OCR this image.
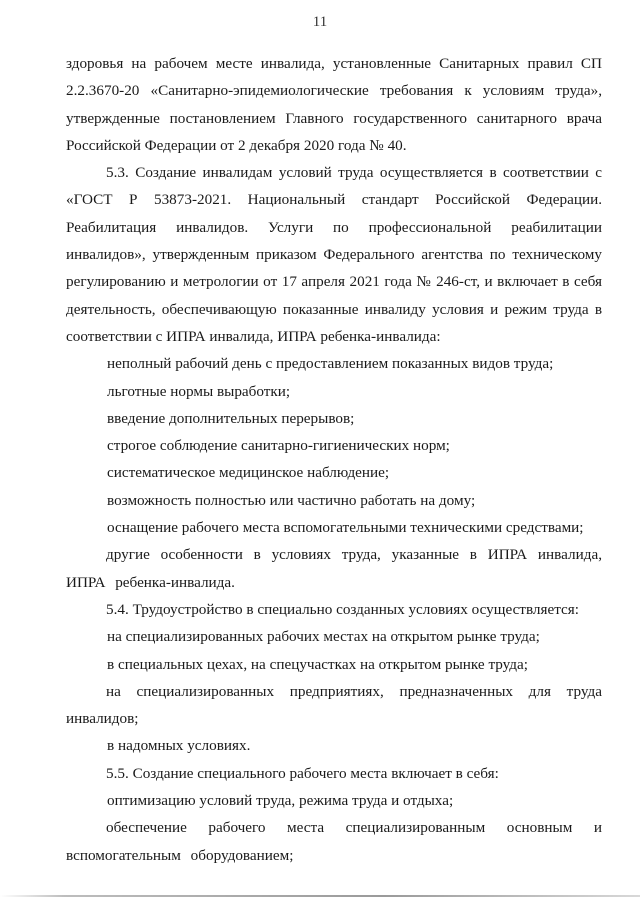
11

здоровья на рабочем месте инвалида, установленные Санитарных правил СП 2.2.3670-20 «Санитарно-эпидемиологические требования к условиям труда», утвержденные постановлением Главного государственного санитарного врача Российской Федерации от 2 декабря 2020 года № 40.

5.3. Создание инвалидам условий труда осуществляется в соответствии с «ГОСТ Р 53873-2021. Национальный стандарт Российской Федерации. Реабилитация инвалидов. Услуги по профессиональной реабилитации инвалидов», утвержденным приказом Федерального агентства по техническому регулированию и метрологии от 17 апреля 2021 года № 246-ст, и включает в себя деятельность, обеспечивающую показанные инвалиду условия и режим труда в соответствии с ИПРА инвалида, ИПРА ребенка-инвалида:

неполный рабочий день с предоставлением показанных видов труда;

льготные нормы выработки;

введение дополнительных перерывов;

строгое соблюдение санитарно-гигиенических норм;

систематическое медицинское наблюдение;

возможность полностью или частично работать на дому;

оснащение рабочего места вспомогательными техническими средствами;

другие особенности в условиях труда, указанные в ИПРА инвалида, ИПРА ребенка-инвалида.

5.4. Трудоустройство в специально созданных условиях осуществляется:

на специализированных рабочих местах на открытом рынке труда;

в специальных цехах, на спецучастках на открытом рынке труда;

на специализированных предприятиях, предназначенных для труда инвалидов;

в надомных условиях.

5.5. Создание специального рабочего места включает в себя:

оптимизацию условий труда, режима труда и отдыха;

обеспечение рабочего места специализированным основным и вспомогательным оборудованием;
